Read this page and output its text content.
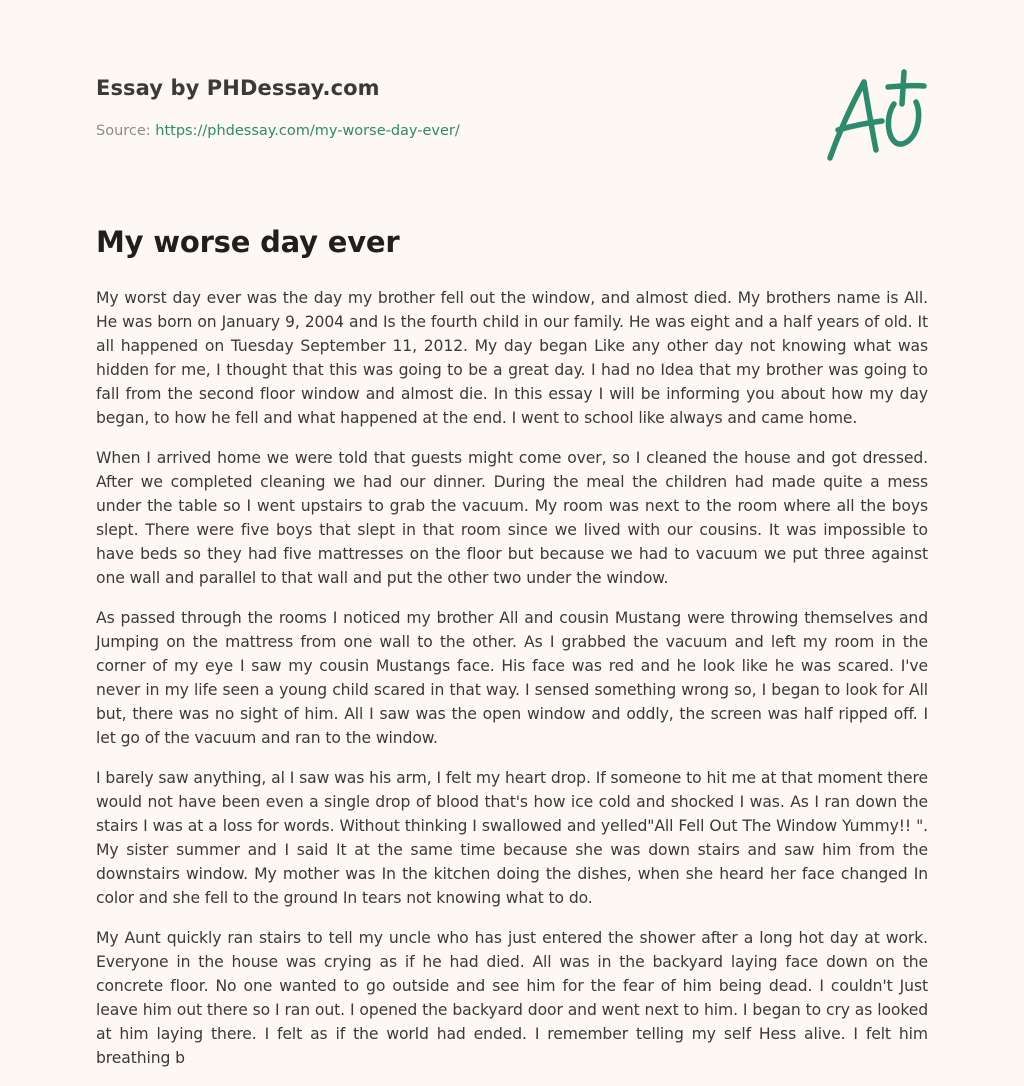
Essay by PHDessay.com

Source: https://phdessay.com/my-worse-day-ever/

My worse day ever

My worst day ever was the day my brother fell out the window, and almost died. My brothers name is All. He was born on January 9, 2004 and Is the fourth child in our family. He was eight and a half years of old. It all happened on Tuesday September 11, 2012. My day began Like any other day not knowing what was hidden for me, I thought that this was going to be a great day. I had no Idea that my brother was going to fall from the second floor window and almost die. In this essay I will be informing you about how my day began, to how he fell and what happened at the end. I went to school like always and came home.

When I arrived home we were told that guests might come over, so I cleaned the house and got dressed. After we completed cleaning we had our dinner. During the meal the children had made quite a mess under the table so I went upstairs to grab the vacuum. My room was next to the room where all the boys slept. There were five boys that slept in that room since we lived with our cousins. It was impossible to have beds so they had five mattresses on the floor but because we had to vacuum we put three against one wall and parallel to that wall and put the other two under the window.

As passed through the rooms I noticed my brother All and cousin Mustang were throwing themselves and Jumping on the mattress from one wall to the other. As I grabbed the vacuum and left my room in the corner of my eye I saw my cousin Mustangs face. His face was red and he look like he was scared. I've never in my life seen a young child scared in that way. I sensed something wrong so, I began to look for All but, there was no sight of him. All I saw was the open window and oddly, the screen was half ripped off. I let go of the vacuum and ran to the window.

I barely saw anything, al I saw was his arm, I felt my heart drop. If someone to hit me at that moment there would not have been even a single drop of blood that's how ice cold and shocked I was. As I ran down the stairs I was at a loss for words. Without thinking I swallowed and yelled"All Fell Out The Window Yummy!! ". My sister summer and I said It at the same time because she was down stairs and saw him from the downstairs window. My mother was In the kitchen doing the dishes, when she heard her face changed In color and she fell to the ground In tears not knowing what to do.

My Aunt quickly ran stairs to tell my uncle who has just entered the shower after a long hot day at work. Everyone in the house was crying as if he had died. All was in the backyard laying face down on the concrete floor. No one wanted to go outside and see him for the fear of him being dead. I couldn't Just leave him out there so I ran out. I opened the backyard door and went next to him. I began to cry as looked at him laying there. I felt as if the world had ended. I remember telling my self Hess alive. I felt him breathing b
